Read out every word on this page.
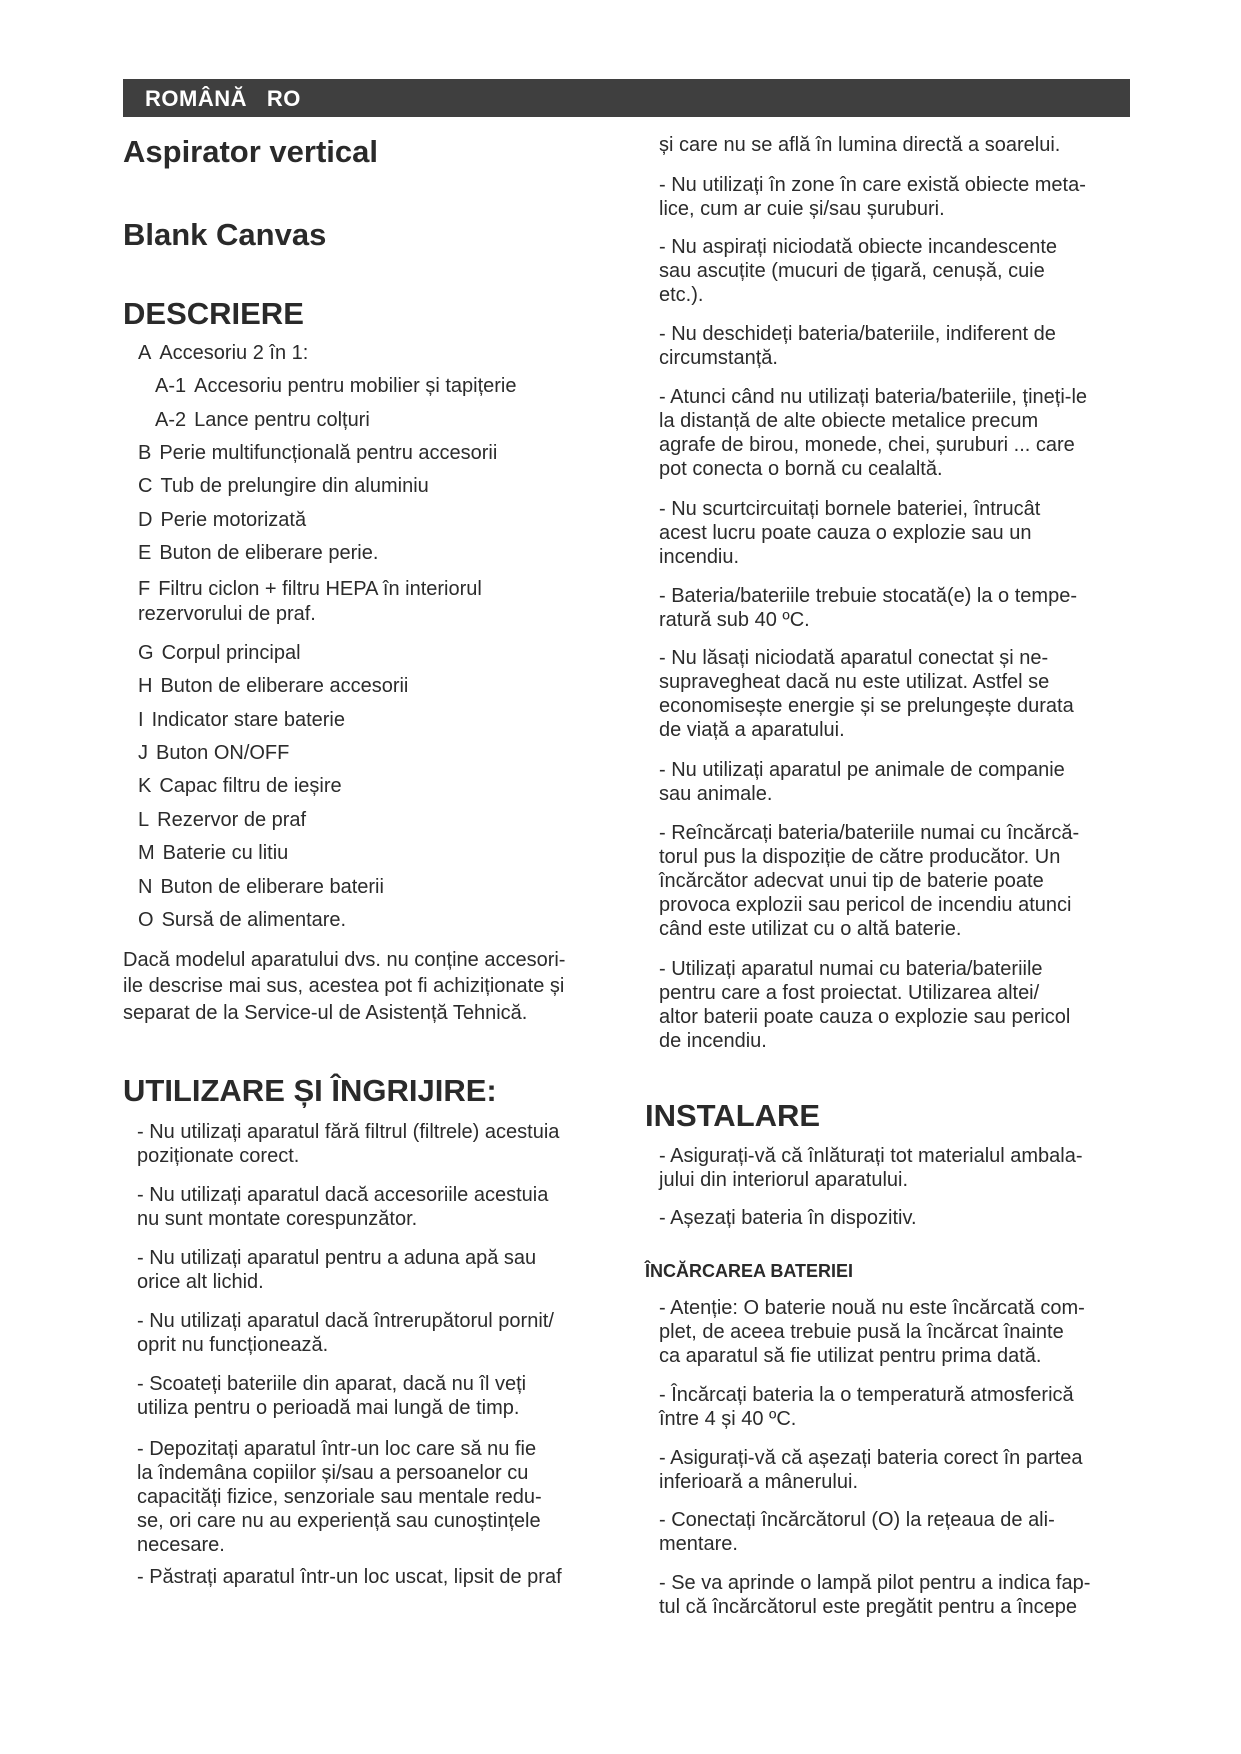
ROMÂNĂ RO
Aspirator vertical
Blank Canvas
DESCRIERE
A Accesoriu 2 în 1:
A-1 Accesoriu pentru mobilier și tapițerie
A-2 Lance pentru colțuri
B Perie multifuncțională pentru accesorii
C Tub de prelungire din aluminiu
D Perie motorizată
E Buton de eliberare perie.
F Filtru ciclon + filtru HEPA în interiorul
rezervorului de praf.
G Corpul principal
H Buton de eliberare accesorii
I Indicator stare baterie
J Buton ON/OFF
K Capac filtru de ieșire
L Rezervor de praf
M Baterie cu litiu
N Buton de eliberare baterii
O Sursă de alimentare.
Dacă modelul aparatului dvs. nu conține accesori-
ile descrise mai sus, acestea pot fi achiziționate și
separat de la Service-ul de Asistență Tehnică.
UTILIZARE ȘI ÎNGRIJIRE:
- Nu utilizați aparatul fără filtrul (filtrele) acestuia
poziționate corect.
- Nu utilizați aparatul dacă accesoriile acestuia
nu sunt montate corespunzător.
- Nu utilizați aparatul pentru a aduna apă sau
orice alt lichid.
- Nu utilizați aparatul dacă întrerupătorul pornit/
oprit nu funcționează.
- Scoateți bateriile din aparat, dacă nu îl veți
utiliza pentru o perioadă mai lungă de timp.
- Depozitați aparatul într-un loc care să nu fie
la îndemâna copiilor și/sau a persoanelor cu
capacități fizice, senzoriale sau mentale redu-
se, ori care nu au experiență sau cunoștințele
necesare.
- Păstrați aparatul într-un loc uscat, lipsit de praf
și care nu se află în lumina directă a soarelui.
- Nu utilizați în zone în care există obiecte meta-
lice, cum ar cuie și/sau șuruburi.
- Nu aspirați niciodată obiecte incandescente
sau ascuțite (mucuri de țigară, cenușă, cuie
etc.).
- Nu deschideți bateria/bateriile, indiferent de
circumstanță.
- Atunci când nu utilizați bateria/bateriile, țineți-le
la distanță de alte obiecte metalice precum
agrafe de birou, monede, chei, șuruburi ... care
pot conecta o bornă cu cealaltă.
- Nu scurtcircuitați bornele bateriei, întrucât
acest lucru poate cauza o explozie sau un
incendiu.
- Bateria/bateriile trebuie stocată(e) la o tempe-
ratură sub 40 ºC.
- Nu lăsați niciodată aparatul conectat și ne-
supravegheat dacă nu este utilizat. Astfel se
economisește energie și se prelungește durata
de viață a aparatului.
- Nu utilizați aparatul pe animale de companie
sau animale.
- Reîncărcați bateria/bateriile numai cu încărcă-
torul pus la dispoziție de către producător. Un
încărcător adecvat unui tip de baterie poate
provoca explozii sau pericol de incendiu atunci
când este utilizat cu o altă baterie.
- Utilizați aparatul numai cu bateria/bateriile
pentru care a fost proiectat. Utilizarea altei/
altor baterii poate cauza o explozie sau pericol
de incendiu.
INSTALARE
- Asigurați-vă că înlăturați tot materialul ambala-
jului din interiorul aparatului.
- Așezați bateria în dispozitiv.
ÎNCĂRCAREA BATERIEI
- Atenție: O baterie nouă nu este încărcată com-
plet, de aceea trebuie pusă la încărcat înainte
ca aparatul să fie utilizat pentru prima dată.
- Încărcați bateria la o temperatură atmosferică
între 4 și 40 ºC.
- Asigurați-vă că așezați bateria corect în partea
inferioară a mânerului.
- Conectați încărcătorul (O) la rețeaua de ali-
mentare.
- Se va aprinde o lampă pilot pentru a indica fap-
tul că încărcătorul este pregătit pentru a începe
